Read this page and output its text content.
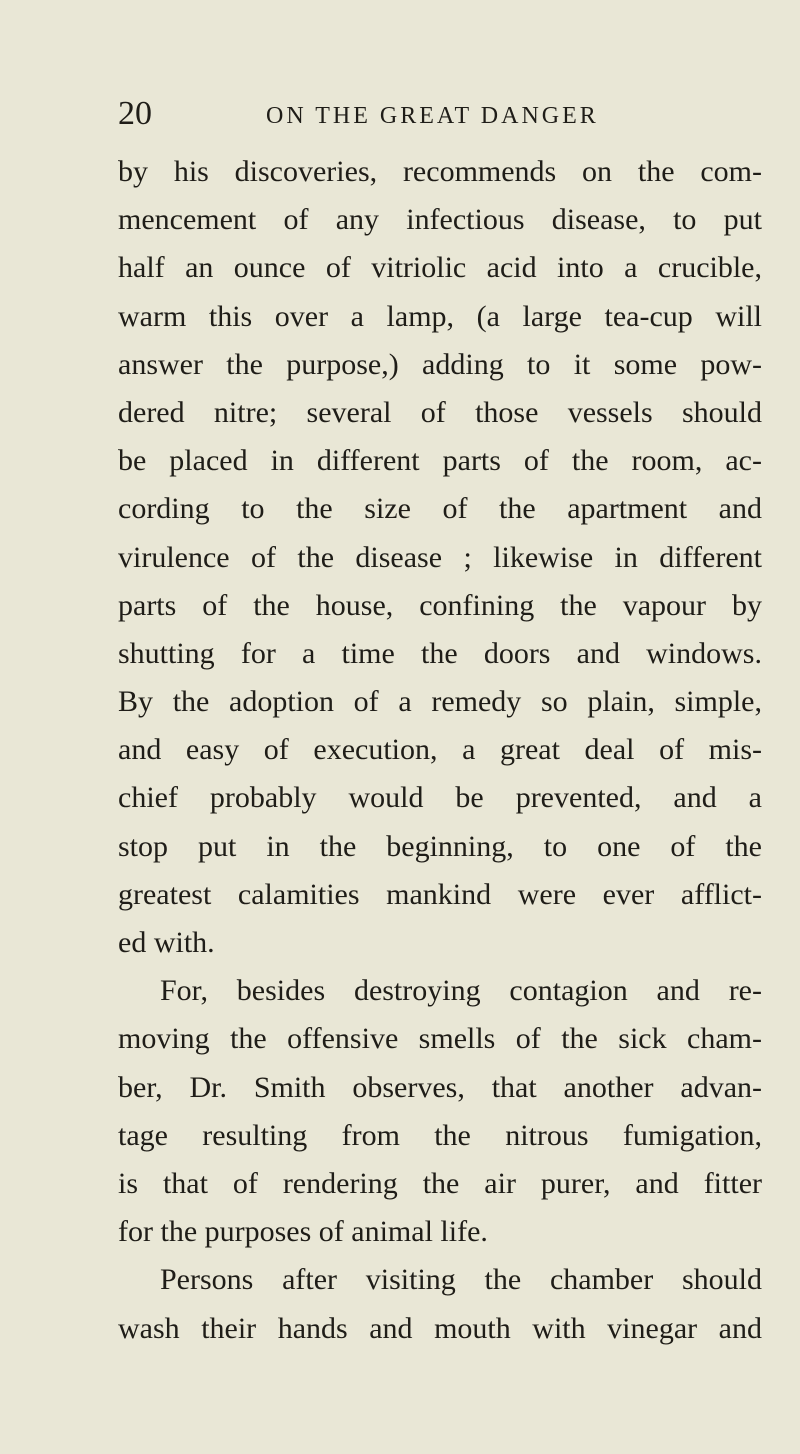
20	ON THE GREAT DANGER
by his discoveries, recommends on the com-
mencement of any infectious disease, to put
half an ounce of vitriolic acid into a crucible,
warm this over a lamp, (a large tea-cup will
answer the purpose,) adding to it some pow-
dered nitre; several of those vessels should
be placed in different parts of the room, ac-
cording to the size of the apartment and
virulence of the disease ; likewise in different
parts of the house, confining the vapour by
shutting for a time the doors and windows.
By the adoption of a remedy so plain, simple,
and easy of execution, a great deal of mis-
chief probably would be prevented, and a
stop put in the beginning, to one of the
greatest calamities mankind were ever afflict-
ed with.
For, besides destroying contagion and re-
moving the offensive smells of the sick cham-
ber, Dr. Smith observes, that another advan-
tage resulting from the nitrous fumigation,
is that of rendering the air purer, and fitter
for the purposes of animal life.
Persons after visiting the chamber should
wash their hands and mouth with vinegar and
